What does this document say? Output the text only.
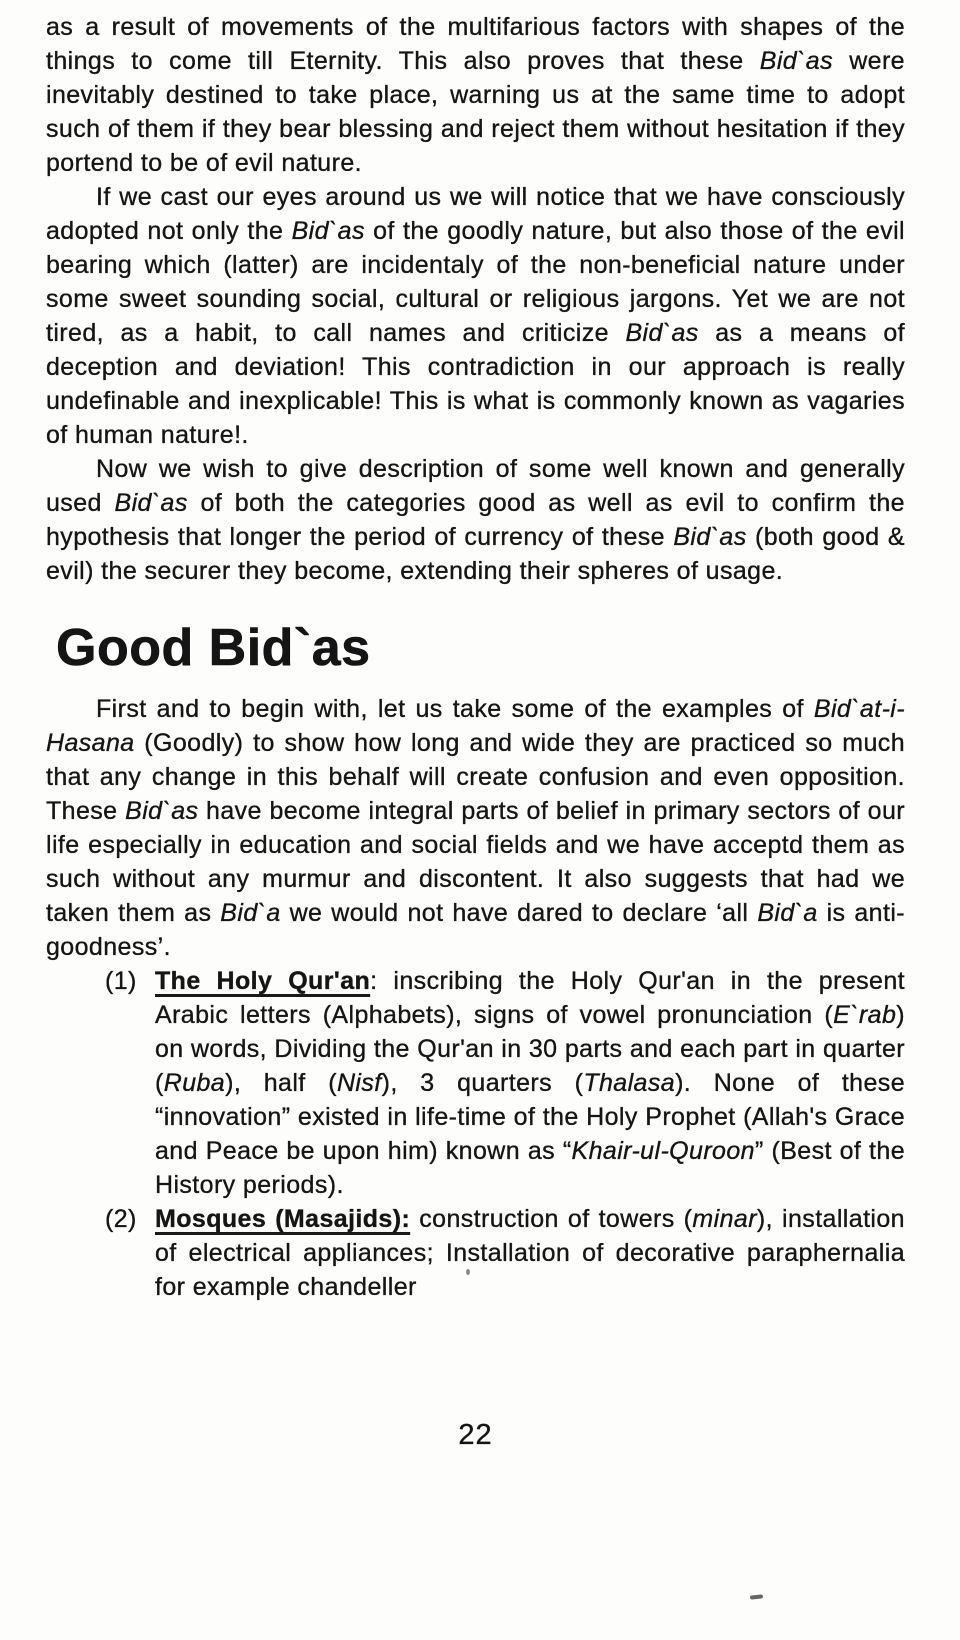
as a result of movements of the multifarious factors with shapes of the things to come till Eternity. This also proves that these Bid`as were inevitably destined to take place, warning us at the same time to adopt such of them if they bear blessing and reject them without hesitation if they portend to be of evil nature.

If we cast our eyes around us we will notice that we have consciously adopted not only the Bid`as of the goodly nature, but also those of the evil bearing which (latter) are incidentaly of the non-beneficial nature under some sweet sounding social, cultural or religious jargons. Yet we are not tired, as a habit, to call names and criticize Bid`as as a means of deception and deviation! This contradiction in our approach is really undefinable and inexplicable! This is what is commonly known as vagaries of human nature!.

Now we wish to give description of some well known and generally used Bid`as of both the categories good as well as evil to confirm the hypothesis that longer the period of currency of these Bid`as (both good & evil) the securer they become, extending their spheres of usage.

Good Bid`as

First and to begin with, let us take some of the examples of Bid`at-i-Hasana (Goodly) to show how long and wide they are practiced so much that any change in this behalf will create confusion and even opposition. These Bid`as have become integral parts of belief in primary sectors of our life especially in education and social fields and we have acceptd them as such without any murmur and discontent. It also suggests that had we taken them as Bid`a we would not have dared to declare ‘all Bid`a is anti-goodness’.

(1) The Holy Qur'an: inscribing the Holy Qur'an in the present Arabic letters (Alphabets), signs of vowel pronunciation (E`rab) on words, Dividing the Qur'an in 30 parts and each part in quarter (Ruba), half (Nisf), 3 quarters (Thalasa). None of these “innovation” existed in life-time of the Holy Prophet (Allah's Grace and Peace be upon him) known as “Khair-ul-Quroon” (Best of the History periods).
(2) Mosques (Masajids): construction of towers (minar), installation of electrical appliances; Installation of decorative paraphernalia for example chandeller
22
